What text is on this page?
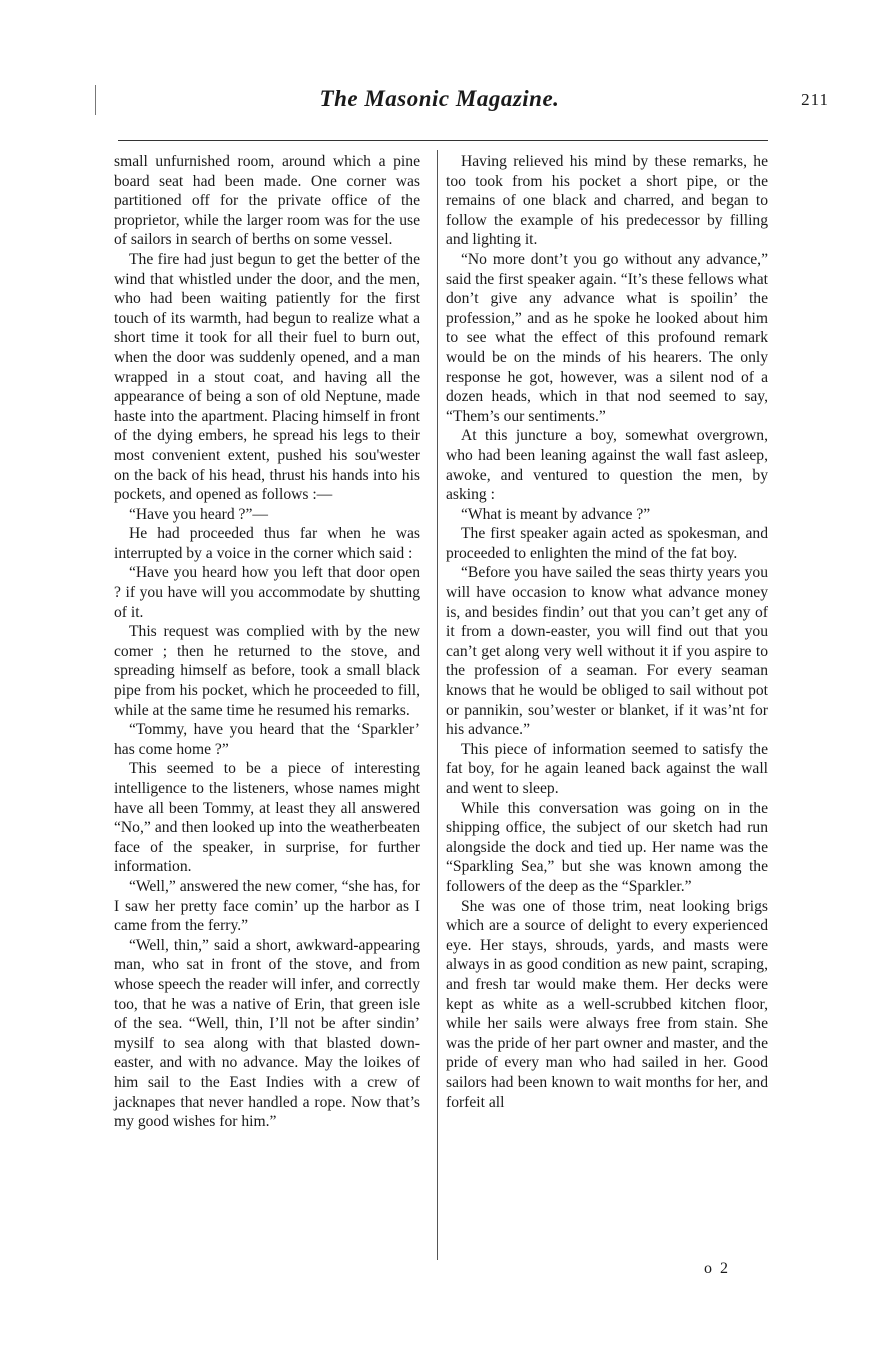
The Masonic Magazine.	211

small unfurnished room, around which a pine board seat had been made. One corner was partitioned off for the private office of the proprietor, while the larger room was for the use of sailors in search of berths on some vessel.

The fire had just begun to get the better of the wind that whistled under the door, and the men, who had been waiting patiently for the first touch of its warmth, had begun to realize what a short time it took for all their fuel to burn out, when the door was suddenly opened, and a man wrapped in a stout coat, and having all the appearance of being a son of old Neptune, made haste into the apartment. Placing himself in front of the dying embers, he spread his legs to their most convenient extent, pushed his sou'wester on the back of his head, thrust his hands into his pockets, and opened as follows :—

“Have you heard ?”—

He had proceeded thus far when he was interrupted by a voice in the corner which said :

“Have you heard how you left that door open ? if you have will you accommodate by shutting of it.

This request was complied with by the new comer ; then he returned to the stove, and spreading himself as before, took a small black pipe from his pocket, which he proceeded to fill, while at the same time he resumed his remarks.

“Tommy, have you heard that the ‘Sparkler’ has come home ?”

This seemed to be a piece of interesting intelligence to the listeners, whose names might have all been Tommy, at least they all answered “No,” and then looked up into the weatherbeaten face of the speaker, in surprise, for further information.

“Well,” answered the new comer, “she has, for I saw her pretty face comin’ up the harbor as I came from the ferry.”

“Well, thin,” said a short, awkward-appearing man, who sat in front of the stove, and from whose speech the reader will infer, and correctly too, that he was a native of Erin, that green isle of the sea. “Well, thin, I’ll not be after sindin’ mysilf to sea along with that blasted down-easter, and with no advance. May the loikes of him sail to the East Indies with a crew of jacknapes that never handled a rope. Now that’s my good wishes for him.”

Having relieved his mind by these remarks, he too took from his pocket a short pipe, or the remains of one black and charred, and began to follow the example of his predecessor by filling and lighting it.

“No more dont’t you go without any advance,” said the first speaker again. “It’s these fellows what don’t give any advance what is spoilin’ the profession,” and as he spoke he looked about him to see what the effect of this profound remark would be on the minds of his hearers. The only response he got, however, was a silent nod of a dozen heads, which in that nod seemed to say, “Them’s our sentiments.”

At this juncture a boy, somewhat overgrown, who had been leaning against the wall fast asleep, awoke, and ventured to question the men, by asking :

“What is meant by advance ?”

The first speaker again acted as spokesman, and proceeded to enlighten the mind of the fat boy.

“Before you have sailed the seas thirty years you will have occasion to know what advance money is, and besides findin’ out that you can’t get any of it from a down-easter, you will find out that you can’t get along very well without it if you aspire to the profession of a seaman. For every seaman knows that he would be obliged to sail without pot or pannikin, sou’wester or blanket, if it was’nt for his advance.”

This piece of information seemed to satisfy the fat boy, for he again leaned back against the wall and went to sleep.

While this conversation was going on in the shipping office, the subject of our sketch had run alongside the dock and tied up. Her name was the “Sparkling Sea,” but she was known among the followers of the deep as the “Sparkler.”

She was one of those trim, neat looking brigs which are a source of delight to every experienced eye. Her stays, shrouds, yards, and masts were always in as good condition as new paint, scraping, and fresh tar would make them. Her decks were kept as white as a well-scrubbed kitchen floor, while her sails were always free from stain. She was the pride of her part owner and master, and the pride of every man who had sailed in her. Good sailors had been known to wait months for her, and forfeit all

o 2
